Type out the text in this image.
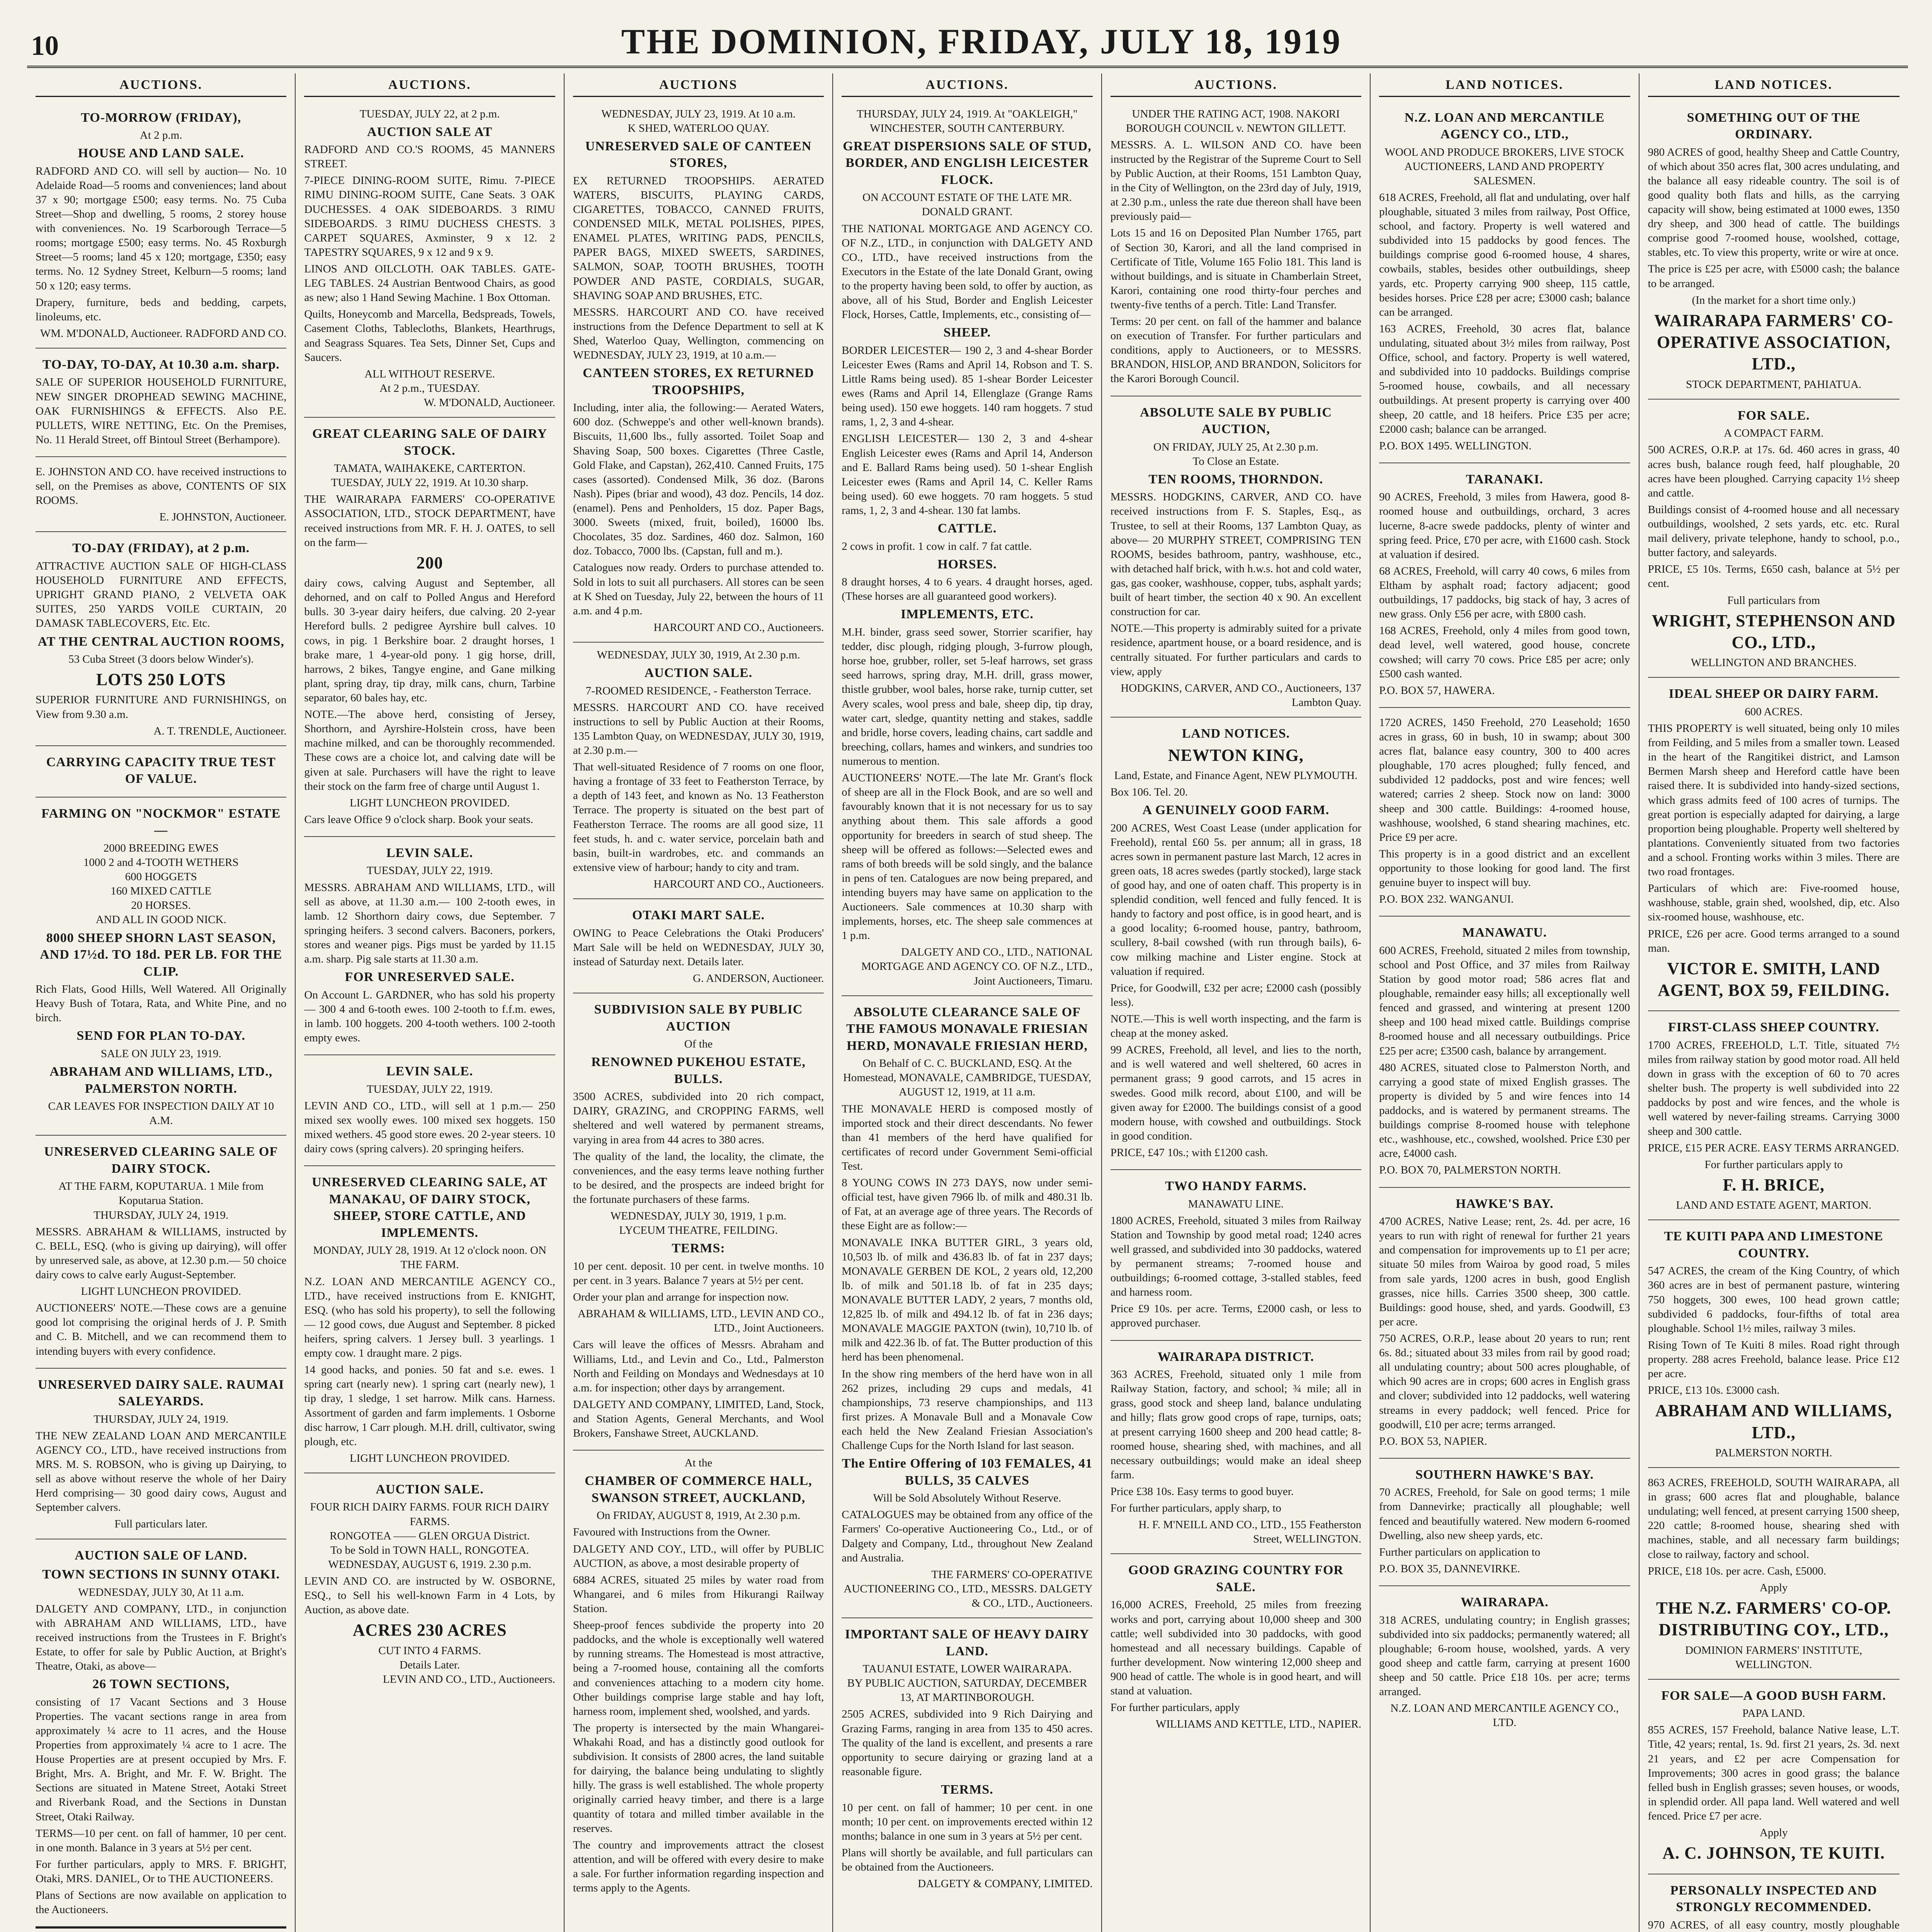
10	THE DOMINION, FRIDAY, JULY 18, 1919
AUCTIONS.
TO-MORROW (FRIDAY),
At 2 p.m.
HOUSE AND LAND SALE.

RADFORD AND CO. will sell by auction— No. 10 Adelaide Road—5 rooms and conveniences; land about 37 x 90; mortgage £500; easy terms. No. 75 Cuba Street—Shop and dwelling, 5 rooms, 2 storey house with conveniences. No. 19 Scarborough Terrace—5 rooms; mortgage £500; easy terms. No. 45 Roxburgh Street—5 rooms; land 45 x 120; mortgage, £350; easy terms. No. 12 Sydney Street, Kelburn—5 rooms; land 50 x 120; easy terms.

Drapery, furniture, beds and bedding, carpets, linoleums, etc.

WM. M'DONALD, Auctioneer. RADFORD AND CO.
TO-DAY, TO-DAY, At 10.30 a.m. sharp.

SALE OF SUPERIOR HOUSEHOLD FURNITURE, NEW SINGER DROPHEAD SEWING MACHINE, OAK FURNISHINGS & EFFECTS. Also P.E. PULLETS, WIRE NETTING, Etc. On the Premises, No. 11 Herald Street, off Bintoul Street (Berhampore).

E. JOHNSTON AND CO. have received instructions to sell, on the Premises as above, CONTENTS OF SIX ROOMS.

E. JOHNSTON, Auctioneer.
TO-DAY (FRIDAY), at 2 p.m.

ATTRACTIVE AUCTION SALE OF HIGH-CLASS HOUSEHOLD FURNITURE AND EFFECTS, UPRIGHT GRAND PIANO, 2 VELVETA OAK SUITES, 250 YARDS VOILE CURTAIN, 20 DAMASK TABLECOVERS, Etc. Etc.

AT THE CENTRAL AUCTION ROOMS,
53 Cuba Street (3 doors below Winder's).
LOTS 250 LOTS

SUPERIOR FURNITURE AND FURNISHINGS, on View from 9.30 a.m.

A. T. TRENDLE, Auctioneer.
CARRYING CAPACITY TRUE TEST OF VALUE.
FARMING ON "NOCKMOR" ESTATE—
2000 BREEDING EWES
1000 2 and 4-TOOTH WETHERS
600 HOGGETS
160 MIXED CATTLE
20 HORSES.
AND ALL IN GOOD NICK.
8000 SHEEP SHORN LAST SEASON, AND 17½d. TO 18d. PER LB. FOR THE CLIP.

Rich Flats, Good Hills, Well Watered. All Originally Heavy Bush of Totara, Rata, and White Pine, and no birch.

SEND FOR PLAN TO-DAY.
SALE ON JULY 23, 1919.
ABRAHAM AND WILLIAMS, LTD., PALMERSTON NORTH.
CAR LEAVES FOR INSPECTION DAILY AT 10 A.M.
UNRESERVED CLEARING SALE OF DAIRY STOCK.
AT THE FARM, KOPUTARUA. 1 Mile from Koputarua Station.
THURSDAY, JULY 24, 1919.

MESSRS. ABRAHAM & WILLIAMS, instructed by C. BELL, ESQ. (who is giving up dairying), will offer by unreserved sale, as above, at 12.30 p.m.— 50 choice dairy cows to calve early August-September.

LIGHT LUNCHEON PROVIDED.

AUCTIONEERS' NOTE.—These cows are a genuine good lot comprising the original herds of J. P. Smith and C. B. Mitchell, and we can recommend them to intending buyers with every confidence.

UNRESERVED DAIRY SALE. RAUMAI SALEYARDS.
THURSDAY, JULY 24, 1919.

THE NEW ZEALAND LOAN AND MERCANTILE AGENCY CO., LTD., have received instructions from MRS. M. S. ROBSON, who is giving up Dairying, to sell as above without reserve the whole of her Dairy Herd comprising— 30 good dairy cows, August and September calvers.

Full particulars later.
AUCTION SALE OF LAND.
TOWN SECTIONS IN SUNNY OTAKI.
WEDNESDAY, JULY 30, At 11 a.m.

DALGETY AND COMPANY, LTD., in conjunction with ABRAHAM AND WILLIAMS, LTD., have received instructions from the Trustees in F. Bright's Estate, to offer for sale by Public Auction, at Bright's Theatre, Otaki, as above—

26 TOWN SECTIONS,

consisting of 17 Vacant Sections and 3 House Properties. The vacant sections range in area from approximately ¼ acre to 11 acres, and the House Properties from approximately ¼ acre to 1 acre. The House Properties are at present occupied by Mrs. F. Bright, Mrs. A. Bright, and Mr. F. W. Bright. The Sections are situated in Matene Street, Aotaki Street and Riverbank Road, and the Sections in Dunstan Street, Otaki Railway.

TERMS—10 per cent. on fall of hammer, 10 per cent. in one month. Balance in 3 years at 5½ per cent.

For further particulars, apply to MRS. F. BRIGHT, Otaki, MRS. DANIEL, Or to THE AUCTIONEERS.

Plans of Sections are now available on application to the Auctioneers.

AUCTIONS.
TUESDAY, JULY 22, at 2 p.m.
AUCTION SALE AT

RADFORD AND CO.'S ROOMS, 45 MANNERS STREET.

7-PIECE DINING-ROOM SUITE, Rimu. 7-PIECE RIMU DINING-ROOM SUITE, Cane Seats. 3 OAK DUCHESSES. 4 OAK SIDEBOARDS. 3 RIMU SIDEBOARDS. 3 RIMU DUCHESS CHESTS. 3 CARPET SQUARES, Axminster, 9 x 12. 2 TAPESTRY SQUARES, 9 x 12 and 9 x 9.

LINOS AND OILCLOTH. OAK TABLES. GATE-LEG TABLES. 24 Austrian Bentwood Chairs, as good as new; also 1 Hand Sewing Machine. 1 Box Ottoman.

Quilts, Honeycomb and Marcella, Bedspreads, Towels, Casement Cloths, Tablecloths, Blankets, Hearthrugs, and Seagrass Squares. Tea Sets, Dinner Set, Cups and Saucers.

ALL WITHOUT RESERVE.
At 2 p.m., TUESDAY.
W. M'DONALD, Auctioneer.
GREAT CLEARING SALE OF DAIRY STOCK.
TAMATA, WAIHAKEKE, CARTERTON.
TUESDAY, JULY 22, 1919. At 10.30 sharp.

THE WAIRARAPA FARMERS' CO-OPERATIVE ASSOCIATION, LTD., STOCK DEPARTMENT, have received instructions from MR. F. H. J. OATES, to sell on the farm—

200

dairy cows, calving August and September, all dehorned, and on calf to Polled Angus and Hereford bulls. 30 3-year dairy heifers, due calving. 20 2-year Hereford bulls. 2 pedigree Ayrshire bull calves. 10 cows, in pig. 1 Berkshire boar. 2 draught horses, 1 brake mare, 1 4-year-old pony. 1 gig horse, drill, harrows, 2 bikes, Tangye engine, and Gane milking plant, spring dray, tip dray, milk cans, churn, Tarbine separator, 60 bales hay, etc.

NOTE.—The above herd, consisting of Jersey, Shorthorn, and Ayrshire-Holstein cross, have been machine milked, and can be thoroughly recommended. These cows are a choice lot, and calving date will be given at sale. Purchasers will have the right to leave their stock on the farm free of charge until August 1.

LIGHT LUNCHEON PROVIDED.

Cars leave Office 9 o'clock sharp. Book your seats.

LEVIN SALE.
TUESDAY, JULY 22, 1919.

MESSRS. ABRAHAM AND WILLIAMS, LTD., will sell as above, at 11.30 a.m.— 100 2-tooth ewes, in lamb. 12 Shorthorn dairy cows, due September. 7 springing heifers. 3 second calvers. Baconers, porkers, stores and weaner pigs. Pigs must be yarded by 11.15 a.m. sharp. Pig sale starts at 11.30 a.m.

FOR UNRESERVED SALE.

On Account L. GARDNER, who has sold his property— 300 4 and 6-tooth ewes. 100 2-tooth to f.f.m. ewes, in lamb. 100 hoggets. 200 4-tooth wethers. 100 2-tooth empty ewes.

LEVIN SALE.
TUESDAY, JULY 22, 1919.

LEVIN AND CO., LTD., will sell at 1 p.m.— 250 mixed sex woolly ewes. 100 mixed sex hoggets. 150 mixed wethers. 45 good store ewes. 20 2-year steers. 10 dairy cows (spring calvers). 20 springing heifers.

UNRESERVED CLEARING SALE, AT MANAKAU, OF DAIRY STOCK, SHEEP, STORE CATTLE, AND IMPLEMENTS.
MONDAY, JULY 28, 1919. At 12 o'clock noon. ON THE FARM.

N.Z. LOAN AND MERCANTILE AGENCY CO., LTD., have received instructions from E. KNIGHT, ESQ. (who has sold his property), to sell the following— 12 good cows, due August and September. 8 picked heifers, spring calvers. 1 Jersey bull. 3 yearlings. 1 empty cow. 1 draught mare. 2 pigs.

14 good hacks, and ponies. 50 fat and s.e. ewes. 1 spring cart (nearly new). 1 spring cart (nearly new), 1 tip dray, 1 sledge, 1 set harrow. Milk cans. Harness. Assortment of garden and farm implements. 1 Osborne disc harrow, 1 Carr plough. M.H. drill, cultivator, swing plough, etc.

LIGHT LUNCHEON PROVIDED.
AUCTION SALE.
FOUR RICH DAIRY FARMS. FOUR RICH DAIRY FARMS.
RONGOTEA —— GLEN ORGUA District.
To be Sold in TOWN HALL, RONGOTEA. WEDNESDAY, AUGUST 6, 1919. 2.30 p.m.

LEVIN AND CO. are instructed by W. OSBORNE, ESQ., to Sell his well-known Farm in 4 Lots, by Auction, as above date.

ACRES 230 ACRES
CUT INTO 4 FARMS.
Details Later.
LEVIN AND CO., LTD., Auctioneers.
AUCTIONS
WEDNESDAY, JULY 23, 1919. At 10 a.m.
K SHED, WATERLOO QUAY.
UNRESERVED SALE OF CANTEEN STORES,

EX RETURNED TROOPSHIPS. AERATED WATERS, BISCUITS, PLAYING CARDS, CIGARETTES, TOBACCO, CANNED FRUITS, CONDENSED MILK, METAL POLISHES, PIPES, ENAMEL PLATES, WRITING PADS, PENCILS, PAPER BAGS, MIXED SWEETS, SARDINES, SALMON, SOAP, TOOTH BRUSHES, TOOTH POWDER AND PASTE, CORDIALS, SUGAR, SHAVING SOAP AND BRUSHES, ETC.

MESSRS. HARCOURT AND CO. have received instructions from the Defence Department to sell at K Shed, Waterloo Quay, Wellington, commencing on WEDNESDAY, JULY 23, 1919, at 10 a.m.—

CANTEEN STORES, EX RETURNED TROOPSHIPS,

Including, inter alia, the following:— Aerated Waters, 600 doz. (Schweppe's and other well-known brands). Biscuits, 11,600 lbs., fully assorted. Toilet Soap and Shaving Soap, 500 boxes. Cigarettes (Three Castle, Gold Flake, and Capstan), 262,410. Canned Fruits, 175 cases (assorted). Condensed Milk, 36 doz. (Barons Nash). Pipes (briar and wood), 43 doz. Pencils, 14 doz. (enamel). Pens and Penholders, 15 doz. Paper Bags, 3000. Sweets (mixed, fruit, boiled), 16000 lbs. Chocolates, 35 doz. Sardines, 460 doz. Salmon, 160 doz. Tobacco, 7000 lbs. (Capstan, full and m.).

Catalogues now ready. Orders to purchase attended to. Sold in lots to suit all purchasers. All stores can be seen at K Shed on Tuesday, July 22, between the hours of 11 a.m. and 4 p.m.

HARCOURT AND CO., Auctioneers.
WEDNESDAY, JULY 30, 1919, At 2.30 p.m.
AUCTION SALE.
7-ROOMED RESIDENCE, - Featherston Terrace.

MESSRS. HARCOURT AND CO. have received instructions to sell by Public Auction at their Rooms, 135 Lambton Quay, on WEDNESDAY, JULY 30, 1919, at 2.30 p.m.—

That well-situated Residence of 7 rooms on one floor, having a frontage of 33 feet to Featherston Terrace, by a depth of 143 feet, and known as No. 13 Featherston Terrace. The property is situated on the best part of Featherston Terrace. The rooms are all good size, 11 feet studs, h. and c. water service, porcelain bath and basin, built-in wardrobes, etc. and commands an extensive view of harbour; handy to city and tram.

HARCOURT AND CO., Auctioneers.
OTAKI MART SALE.

OWING to Peace Celebrations the Otaki Producers' Mart Sale will be held on WEDNESDAY, JULY 30, instead of Saturday next. Details later.

G. ANDERSON, Auctioneer.
SUBDIVISION SALE BY PUBLIC AUCTION
Of the
RENOWNED PUKEHOU ESTATE, BULLS.

3500 ACRES, subdivided into 20 rich compact, DAIRY, GRAZING, and CROPPING FARMS, well sheltered and well watered by permanent streams, varying in area from 44 acres to 380 acres.

The quality of the land, the locality, the climate, the conveniences, and the easy terms leave nothing further to be desired, and the prospects are indeed bright for the fortunate purchasers of these farms.

WEDNESDAY, JULY 30, 1919, 1 p.m.
LYCEUM THEATRE, FEILDING.
TERMS:

10 per cent. deposit. 10 per cent. in twelve months. 10 per cent. in 3 years. Balance 7 years at 5½ per cent.

Order your plan and arrange for inspection now.

ABRAHAM & WILLIAMS, LTD., LEVIN AND CO., LTD., Joint Auctioneers.

Cars will leave the offices of Messrs. Abraham and Williams, Ltd., and Levin and Co., Ltd., Palmerston North and Feilding on Mondays and Wednesdays at 10 a.m. for inspection; other days by arrangement.

DALGETY AND COMPANY, LIMITED, Land, Stock, and Station Agents, General Merchants, and Wool Brokers, Fanshawe Street, AUCKLAND.

At the
CHAMBER OF COMMERCE HALL, SWANSON STREET, AUCKLAND,
On FRIDAY, AUGUST 8, 1919, At 2.30 p.m.

Favoured with Instructions from the Owner.

DALGETY AND COY., LTD., will offer by PUBLIC AUCTION, as above, a most desirable property of

6884 ACRES, situated 25 miles by water road from Whangarei, and 6 miles from Hikurangi Railway Station.

Sheep-proof fences subdivide the property into 20 paddocks, and the whole is exceptionally well watered by running streams. The Homestead is most attractive, being a 7-roomed house, containing all the comforts and conveniences attaching to a modern city home. Other buildings comprise large stable and hay loft, harness room, implement shed, woolshed, and yards.

The property is intersected by the main Whangarei-Whakahi Road, and has a distinctly good outlook for subdivision. It consists of 2800 acres, the land suitable for dairying, the balance being undulating to slightly hilly. The grass is well established. The whole property originally carried heavy timber, and there is a large quantity of totara and milled timber available in the reserves.

The country and improvements attract the closest attention, and will be offered with every desire to make a sale. For further information regarding inspection and terms apply to the Agents.

AUCTIONS.
THURSDAY, JULY 24, 1919. At "OAKLEIGH," WINCHESTER, SOUTH CANTERBURY.
GREAT DISPERSIONS SALE OF STUD, BORDER, AND ENGLISH LEICESTER FLOCK.
ON ACCOUNT ESTATE OF THE LATE MR. DONALD GRANT.

THE NATIONAL MORTGAGE AND AGENCY CO. OF N.Z., LTD., in conjunction with DALGETY AND CO., LTD., have received instructions from the Executors in the Estate of the late Donald Grant, owing to the property having been sold, to offer by auction, as above, all of his Stud, Border and English Leicester Flock, Horses, Cattle, Implements, etc., consisting of—

SHEEP.

BORDER LEICESTER— 190 2, 3 and 4-shear Border Leicester Ewes (Rams and April 14, Robson and T. S. Little Rams being used). 85 1-shear Border Leicester ewes (Rams and April 14, Ellenglaze (Grange Rams being used). 150 ewe hoggets. 140 ram hoggets. 7 stud rams, 1, 2, 3 and 4-shear.

ENGLISH LEICESTER— 130 2, 3 and 4-shear English Leicester ewes (Rams and April 14, Anderson and E. Ballard Rams being used). 50 1-shear English Leicester ewes (Rams and April 14, C. Keller Rams being used). 60 ewe hoggets. 70 ram hoggets. 5 stud rams, 1, 2, 3 and 4-shear. 130 fat lambs.

CATTLE.

2 cows in profit. 1 cow in calf. 7 fat cattle.

HORSES.

8 draught horses, 4 to 6 years. 4 draught horses, aged. (These horses are all guaranteed good workers).

IMPLEMENTS, ETC.

M.H. binder, grass seed sower, Storrier scarifier, hay tedder, disc plough, ridging plough, 3-furrow plough, horse hoe, grubber, roller, set 5-leaf harrows, set grass seed harrows, spring dray, M.H. drill, grass mower, thistle grubber, wool bales, horse rake, turnip cutter, set Avery scales, wool press and bale, sheep dip, tip dray, water cart, sledge, quantity netting and stakes, saddle and bridle, horse covers, leading chains, cart saddle and breeching, collars, hames and winkers, and sundries too numerous to mention.

AUCTIONEERS' NOTE.—The late Mr. Grant's flock of sheep are all in the Flock Book, and are so well and favourably known that it is not necessary for us to say anything about them. This sale affords a good opportunity for breeders in search of stud sheep. The sheep will be offered as follows:—Selected ewes and rams of both breeds will be sold singly, and the balance in pens of ten. Catalogues are now being prepared, and intending buyers may have same on application to the Auctioneers. Sale commences at 10.30 sharp with implements, horses, etc. The sheep sale commences at 1 p.m.

DALGETY AND CO., LTD., NATIONAL MORTGAGE AND AGENCY CO. OF N.Z., LTD., Joint Auctioneers, Timaru.
ABSOLUTE CLEARANCE SALE OF THE FAMOUS MONAVALE FRIESIAN HERD, MONAVALE FRIESIAN HERD,
On Behalf of C. C. BUCKLAND, ESQ. At the Homestead, MONAVALE, CAMBRIDGE, TUESDAY, AUGUST 12, 1919, at 11 a.m.

THE MONAVALE HERD is composed mostly of imported stock and their direct descendants. No fewer than 41 members of the herd have qualified for certificates of record under Government Semi-official Test.

8 YOUNG COWS IN 273 DAYS, now under semi-official test, have given 7966 lb. of milk and 480.31 lb. of Fat, at an average age of three years. The Records of these Eight are as follow:—

MONAVALE INKA BUTTER GIRL, 3 years old, 10,503 lb. of milk and 436.83 lb. of fat in 237 days; MONAVALE GERBEN DE KOL, 2 years old, 12,200 lb. of milk and 501.18 lb. of fat in 235 days; MONAVALE BUTTER LADY, 2 years, 7 months old, 12,825 lb. of milk and 494.12 lb. of fat in 236 days; MONAVALE MAGGIE PAXTON (twin), 10,710 lb. of milk and 422.36 lb. of fat. The Butter production of this herd has been phenomenal.

In the show ring members of the herd have won in all 262 prizes, including 29 cups and medals, 41 championships, 73 reserve championships, and 113 first prizes. A Monavale Bull and a Monavale Cow each held the New Zealand Friesian Association's Challenge Cups for the North Island for last season.

The Entire Offering of 103 FEMALES, 41 BULLS, 35 CALVES
Will be Sold Absolutely Without Reserve.

CATALOGUES may be obtained from any office of the Farmers' Co-operative Auctioneering Co., Ltd., or of Dalgety and Company, Ltd., throughout New Zealand and Australia.

THE FARMERS' CO-OPERATIVE AUCTIONEERING CO., LTD., MESSRS. DALGETY & CO., LTD., Auctioneers.
IMPORTANT SALE OF HEAVY DAIRY LAND.
TAUANUI ESTATE, LOWER WAIRARAPA.
BY PUBLIC AUCTION, SATURDAY, DECEMBER 13, AT MARTINBOROUGH.

2505 ACRES, subdivided into 9 Rich Dairying and Grazing Farms, ranging in area from 135 to 450 acres. The quality of the land is excellent, and presents a rare opportunity to secure dairying or grazing land at a reasonable figure.

TERMS.

10 per cent. on fall of hammer; 10 per cent. in one month; 10 per cent. on improvements erected within 12 months; balance in one sum in 3 years at 5½ per cent.

Plans will shortly be available, and full particulars can be obtained from the Auctioneers.

DALGETY & COMPANY, LIMITED.
AUCTIONS.
UNDER THE RATING ACT, 1908. NAKORI BOROUGH COUNCIL v. NEWTON GILLETT.

MESSRS. A. L. WILSON AND CO. have been instructed by the Registrar of the Supreme Court to Sell by Public Auction, at their Rooms, 151 Lambton Quay, in the City of Wellington, on the 23rd day of July, 1919, at 2.30 p.m., unless the rate due thereon shall have been previously paid—

Lots 15 and 16 on Deposited Plan Number 1765, part of Section 30, Karori, and all the land comprised in Certificate of Title, Volume 165 Folio 181. This land is without buildings, and is situate in Chamberlain Street, Karori, containing one rood thirty-four perches and twenty-five tenths of a perch. Title: Land Transfer.

Terms: 20 per cent. on fall of the hammer and balance on execution of Transfer. For further particulars and conditions, apply to Auctioneers, or to MESSRS. BRANDON, HISLOP, AND BRANDON, Solicitors for the Karori Borough Council.

ABSOLUTE SALE BY PUBLIC AUCTION,
ON FRIDAY, JULY 25, At 2.30 p.m.
To Close an Estate.
TEN ROOMS, THORNDON.

MESSRS. HODGKINS, CARVER, AND CO. have received instructions from F. S. Staples, Esq., as Trustee, to sell at their Rooms, 137 Lambton Quay, as above— 20 MURPHY STREET, COMPRISING TEN ROOMS, besides bathroom, pantry, washhouse, etc., with detached half brick, with h.w.s. hot and cold water, gas, gas cooker, washhouse, copper, tubs, asphalt yards; built of heart timber, the section 40 x 90. An excellent construction for car.

NOTE.—This property is admirably suited for a private residence, apartment house, or a board residence, and is centrally situated. For further particulars and cards to view, apply

HODGKINS, CARVER, AND CO., Auctioneers, 137 Lambton Quay.
LAND NOTICES.
NEWTON KING,
Land, Estate, and Finance Agent, NEW PLYMOUTH.

Box 106. Tel. 20.

A GENUINELY GOOD FARM.

200 ACRES, West Coast Lease (under application for Freehold), rental £60 5s. per annum; all in grass, 18 acres sown in permanent pasture last March, 12 acres in green oats, 18 acres swedes (partly stocked), large stack of good hay, and one of oaten chaff. This property is in splendid condition, well fenced and fully fenced. It is handy to factory and post office, is in good heart, and is a good locality; 6-roomed house, pantry, bathroom, scullery, 8-bail cowshed (with run through bails), 6-cow milking machine and Lister engine. Stock at valuation if required.

Price, for Goodwill, £32 per acre; £2000 cash (possibly less).

NOTE.—This is well worth inspecting, and the farm is cheap at the money asked.

99 ACRES, Freehold, all level, and lies to the north, and is well watered and well sheltered, 60 acres in permanent grass; 9 good carrots, and 15 acres in swedes. Good milk record, about £100, and will be given away for £2000. The buildings consist of a good modern house, with cowshed and outbuildings. Stock in good condition.

PRICE, £47 10s.; with £1200 cash.

TWO HANDY FARMS.
MANAWATU LINE.

1800 ACRES, Freehold, situated 3 miles from Railway Station and Township by good metal road; 1240 acres well grassed, and subdivided into 30 paddocks, watered by permanent streams; 7-roomed house and outbuildings; 6-roomed cottage, 3-stalled stables, feed and harness room.

Price £9 10s. per acre. Terms, £2000 cash, or less to approved purchaser.

WAIRARAPA DISTRICT.

363 ACRES, Freehold, situated only 1 mile from Railway Station, factory, and school; ¾ mile; all in grass, good stock and sheep land, balance undulating and hilly; flats grow good crops of rape, turnips, oats; at present carrying 1600 sheep and 200 head cattle; 8-roomed house, shearing shed, with machines, and all necessary outbuildings; would make an ideal sheep farm.

Price £38 10s. Easy terms to good buyer.

For further particulars, apply sharp, to

H. F. M'NEILL AND CO., LTD., 155 Featherston Street, WELLINGTON.
GOOD GRAZING COUNTRY FOR SALE.

16,000 ACRES, Freehold, 25 miles from freezing works and port, carrying about 10,000 sheep and 300 cattle; well subdivided into 30 paddocks, with good homestead and all necessary buildings. Capable of further development. Now wintering 12,000 sheep and 900 head of cattle. The whole is in good heart, and will stand at valuation.

For further particulars, apply

WILLIAMS AND KETTLE, LTD., NAPIER.
LAND NOTICES.
N.Z. LOAN AND MERCANTILE AGENCY CO., LTD.,
WOOL AND PRODUCE BROKERS, LIVE STOCK AUCTIONEERS, LAND AND PROPERTY SALESMEN.

618 ACRES, Freehold, all flat and undulating, over half ploughable, situated 3 miles from railway, Post Office, school, and factory. Property is well watered and subdivided into 15 paddocks by good fences. The buildings comprise good 6-roomed house, 4 shares, cowbails, stables, besides other outbuildings, sheep yards, etc. Property carrying 900 sheep, 115 cattle, besides horses. Price £28 per acre; £3000 cash; balance can be arranged.

163 ACRES, Freehold, 30 acres flat, balance undulating, situated about 3½ miles from railway, Post Office, school, and factory. Property is well watered, and subdivided into 10 paddocks. Buildings comprise 5-roomed house, cowbails, and all necessary outbuildings. At present property is carrying over 400 sheep, 20 cattle, and 18 heifers. Price £35 per acre; £2000 cash; balance can be arranged.

P.O. BOX 1495. WELLINGTON.

TARANAKI.

90 ACRES, Freehold, 3 miles from Hawera, good 8-roomed house and outbuildings, orchard, 3 acres lucerne, 8-acre swede paddocks, plenty of winter and spring feed. Price, £70 per acre, with £1600 cash. Stock at valuation if desired.

68 ACRES, Freehold, will carry 40 cows, 6 miles from Eltham by asphalt road; factory adjacent; good outbuildings, 17 paddocks, big stack of hay, 3 acres of new grass. Only £56 per acre, with £800 cash.

168 ACRES, Freehold, only 4 miles from good town, dead level, well watered, good house, concrete cowshed; will carry 70 cows. Price £85 per acre; only £500 cash wanted.

P.O. BOX 57, HAWERA.

1720 ACRES, 1450 Freehold, 270 Leasehold; 1650 acres in grass, 60 in bush, 10 in swamp; about 300 acres flat, balance easy country, 300 to 400 acres ploughable, 170 acres ploughed; fully fenced, and subdivided 12 paddocks, post and wire fences; well watered; carries 2 sheep. Stock now on land: 3000 sheep and 300 cattle. Buildings: 4-roomed house, washhouse, woolshed, 6 stand shearing machines, etc. Price £9 per acre.

This property is in a good district and an excellent opportunity to those looking for good land. The first genuine buyer to inspect will buy.

P.O. BOX 232. WANGANUI.

MANAWATU.

600 ACRES, Freehold, situated 2 miles from township, school and Post Office, and 37 miles from Railway Station by good motor road; 586 acres flat and ploughable, remainder easy hills; all exceptionally well fenced and grassed, and wintering at present 1200 sheep and 100 head mixed cattle. Buildings comprise 8-roomed house and all necessary outbuildings. Price £25 per acre; £3500 cash, balance by arrangement.

480 ACRES, situated close to Palmerston North, and carrying a good state of mixed English grasses. The property is divided by 5 and wire fences into 14 paddocks, and is watered by permanent streams. The buildings comprise 8-roomed house with telephone etc., washhouse, etc., cowshed, woolshed. Price £30 per acre, £4000 cash.

P.O. BOX 70, PALMERSTON NORTH.

HAWKE'S BAY.

4700 ACRES, Native Lease; rent, 2s. 4d. per acre, 16 years to run with right of renewal for further 21 years and compensation for improvements up to £1 per acre; situate 50 miles from Wairoa by good road, 5 miles from sale yards, 1200 acres in bush, good English grasses, nice hills. Carries 3500 sheep, 300 cattle. Buildings: good house, shed, and yards. Goodwill, £3 per acre.

750 ACRES, O.R.P., lease about 20 years to run; rent 6s. 8d.; situated about 33 miles from rail by good road; all undulating country; about 500 acres ploughable, of which 90 acres are in crops; 600 acres in English grass and clover; subdivided into 12 paddocks, well watering streams in every paddock; well fenced. Price for goodwill, £10 per acre; terms arranged.

P.O. BOX 53, NAPIER.

SOUTHERN HAWKE'S BAY.

70 ACRES, Freehold, for Sale on good terms; 1 mile from Dannevirke; practically all ploughable; well fenced and beautifully watered. New modern 6-roomed Dwelling, also new sheep yards, etc.

Further particulars on application to

P.O. BOX 35, DANNEVIRKE.

WAIRARAPA.

318 ACRES, undulating country; in English grasses; subdivided into six paddocks; permanently watered; all ploughable; 6-room house, woolshed, yards. A very good sheep and cattle farm, carrying at present 1600 sheep and 50 cattle. Price £18 10s. per acre; terms arranged.

N.Z. LOAN AND MERCANTILE AGENCY CO., LTD.
LAND NOTICES.
SOMETHING OUT OF THE ORDINARY.

980 ACRES of good, healthy Sheep and Cattle Country, of which about 350 acres flat, 300 acres undulating, and the balance all easy rideable country. The soil is of good quality both flats and hills, as the carrying capacity will show, being estimated at 1000 ewes, 1350 dry sheep, and 300 head of cattle. The buildings comprise good 7-roomed house, woolshed, cottage, stables, etc. To view this property, write or wire at once.

The price is £25 per acre, with £5000 cash; the balance to be arranged.

(In the market for a short time only.)
WAIRARAPA FARMERS' CO-OPERATIVE ASSOCIATION, LTD.,
STOCK DEPARTMENT, PAHIATUA.
FOR SALE.
A COMPACT FARM.

500 ACRES, O.R.P. at 17s. 6d. 460 acres in grass, 40 acres bush, balance rough feed, half ploughable, 20 acres have been ploughed. Carrying capacity 1½ sheep and cattle.

Buildings consist of 4-roomed house and all necessary outbuildings, woolshed, 2 sets yards, etc. etc. Rural mail delivery, private telephone, handy to school, p.o., butter factory, and saleyards.

PRICE, £5 10s. Terms, £650 cash, balance at 5½ per cent.

Full particulars from
WRIGHT, STEPHENSON AND CO., LTD.,
WELLINGTON AND BRANCHES.
IDEAL SHEEP OR DAIRY FARM.
600 ACRES.

THIS PROPERTY is well situated, being only 10 miles from Feilding, and 5 miles from a smaller town. Leased in the heart of the Rangitikei district, and Lamson Bermen Marsh sheep and Hereford cattle have been raised there. It is subdivided into handy-sized sections, which grass admits feed of 100 acres of turnips. The great portion is especially adapted for dairying, a large proportion being ploughable. Property well sheltered by plantations. Conveniently situated from two factories and a school. Fronting works within 3 miles. There are two road frontages.

Particulars of which are: Five-roomed house, washhouse, stable, grain shed, woolshed, dip, etc. Also six-roomed house, washhouse, etc.

PRICE, £26 per acre. Good terms arranged to a sound man.

VICTOR E. SMITH, LAND AGENT, BOX 59, FEILDING.
FIRST-CLASS SHEEP COUNTRY.

1700 ACRES, FREEHOLD, L.T. Title, situated 7½ miles from railway station by good motor road. All held down in grass with the exception of 60 to 70 acres shelter bush. The property is well subdivided into 22 paddocks by post and wire fences, and the whole is well watered by never-failing streams. Carrying 3000 sheep and 300 cattle.

PRICE, £15 PER ACRE. EASY TERMS ARRANGED.

For further particulars apply to
F. H. BRICE,
LAND AND ESTATE AGENT, MARTON.
TE KUITI PAPA AND LIMESTONE COUNTRY.

547 ACRES, the cream of the King Country, of which 360 acres are in best of permanent pasture, wintering 750 hoggets, 300 ewes, 100 head grown cattle; subdivided 6 paddocks, four-fifths of total area ploughable. School 1½ miles, railway 3 miles.

Rising Town of Te Kuiti 8 miles. Road right through property. 288 acres Freehold, balance lease. Price £12 per acre.

PRICE, £13 10s. £3000 cash.

ABRAHAM AND WILLIAMS, LTD.,
PALMERSTON NORTH.

863 ACRES, FREEHOLD, SOUTH WAIRARAPA, all in grass; 600 acres flat and ploughable, balance undulating; well fenced, at present carrying 1500 sheep, 220 cattle; 8-roomed house, shearing shed with machines, stable, and all necessary farm buildings; close to railway, factory and school.

PRICE, £18 10s. per acre. Cash, £5000.

Apply
THE N.Z. FARMERS' CO-OP. DISTRIBUTING COY., LTD.,
DOMINION FARMERS' INSTITUTE, WELLINGTON.
FOR SALE—A GOOD BUSH FARM.
PAPA LAND.

855 ACRES, 157 Freehold, balance Native lease, L.T. Title, 42 years; rental, 1s. 9d. first 21 years, 2s. 3d. next 21 years, and £2 per acre Compensation for Improvements; 300 acres in good grass; the balance felled bush in English grasses; seven houses, or woods, in splendid order. All papa land. Well watered and well fenced. Price £7 per acre.

Apply
A. C. JOHNSON, TE KUITI.
PERSONALLY INSPECTED AND STRONGLY RECOMMENDED.

970 ACRES, of all easy country, mostly ploughable
